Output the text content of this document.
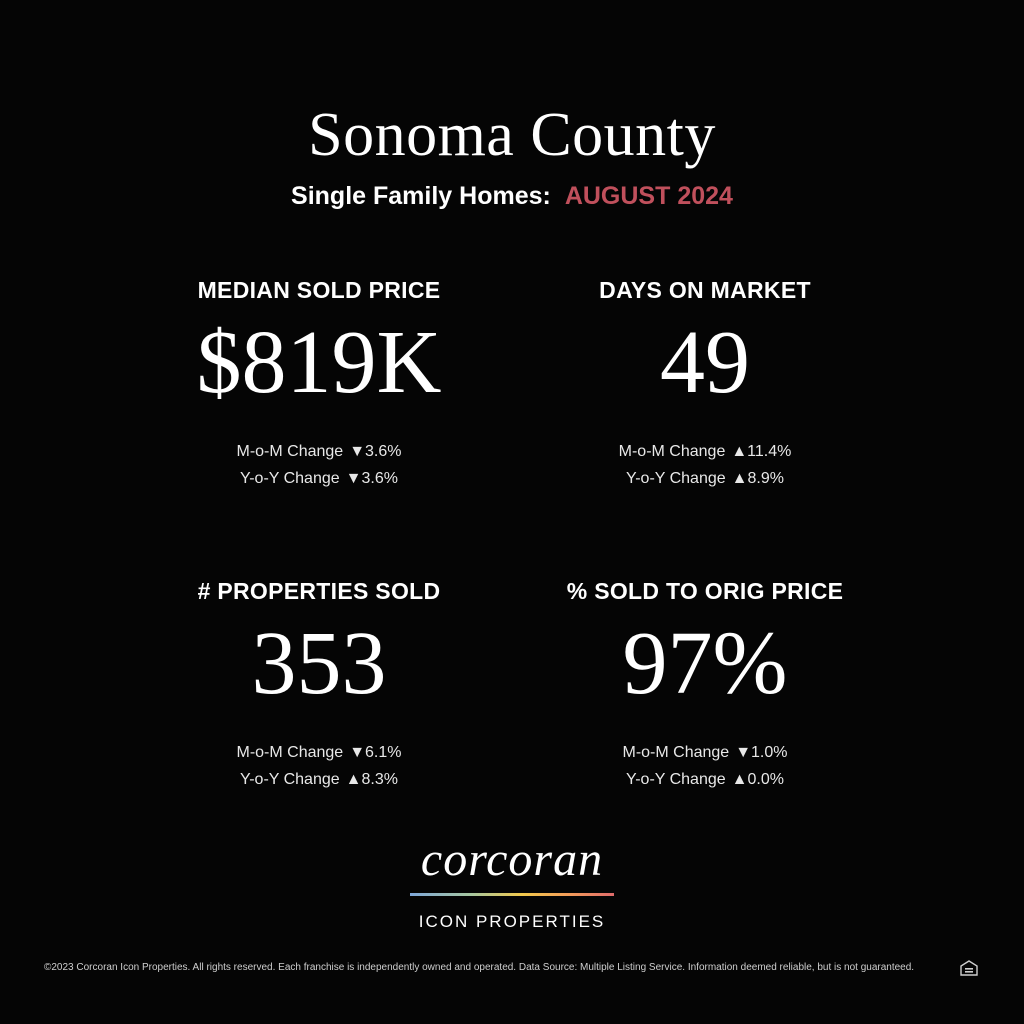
Sonoma County
Single Family Homes: AUGUST 2024
MEDIAN SOLD PRICE
$819K
M-o-M Change ▼3.6%
Y-o-Y Change ▼3.6%
DAYS ON MARKET
49
M-o-M Change ▲11.4%
Y-o-Y Change ▲8.9%
# PROPERTIES SOLD
353
M-o-M Change ▼6.1%
Y-o-Y Change ▲8.3%
% SOLD TO ORIG PRICE
97%
M-o-M Change ▼1.0%
Y-o-Y Change ▲0.0%
corcoran
ICON PROPERTIES
©2023 Corcoran Icon Properties. All rights reserved. Each franchise is independently owned and operated. Data Source: Multiple Listing Service. Information deemed reliable, but is not guaranteed.
